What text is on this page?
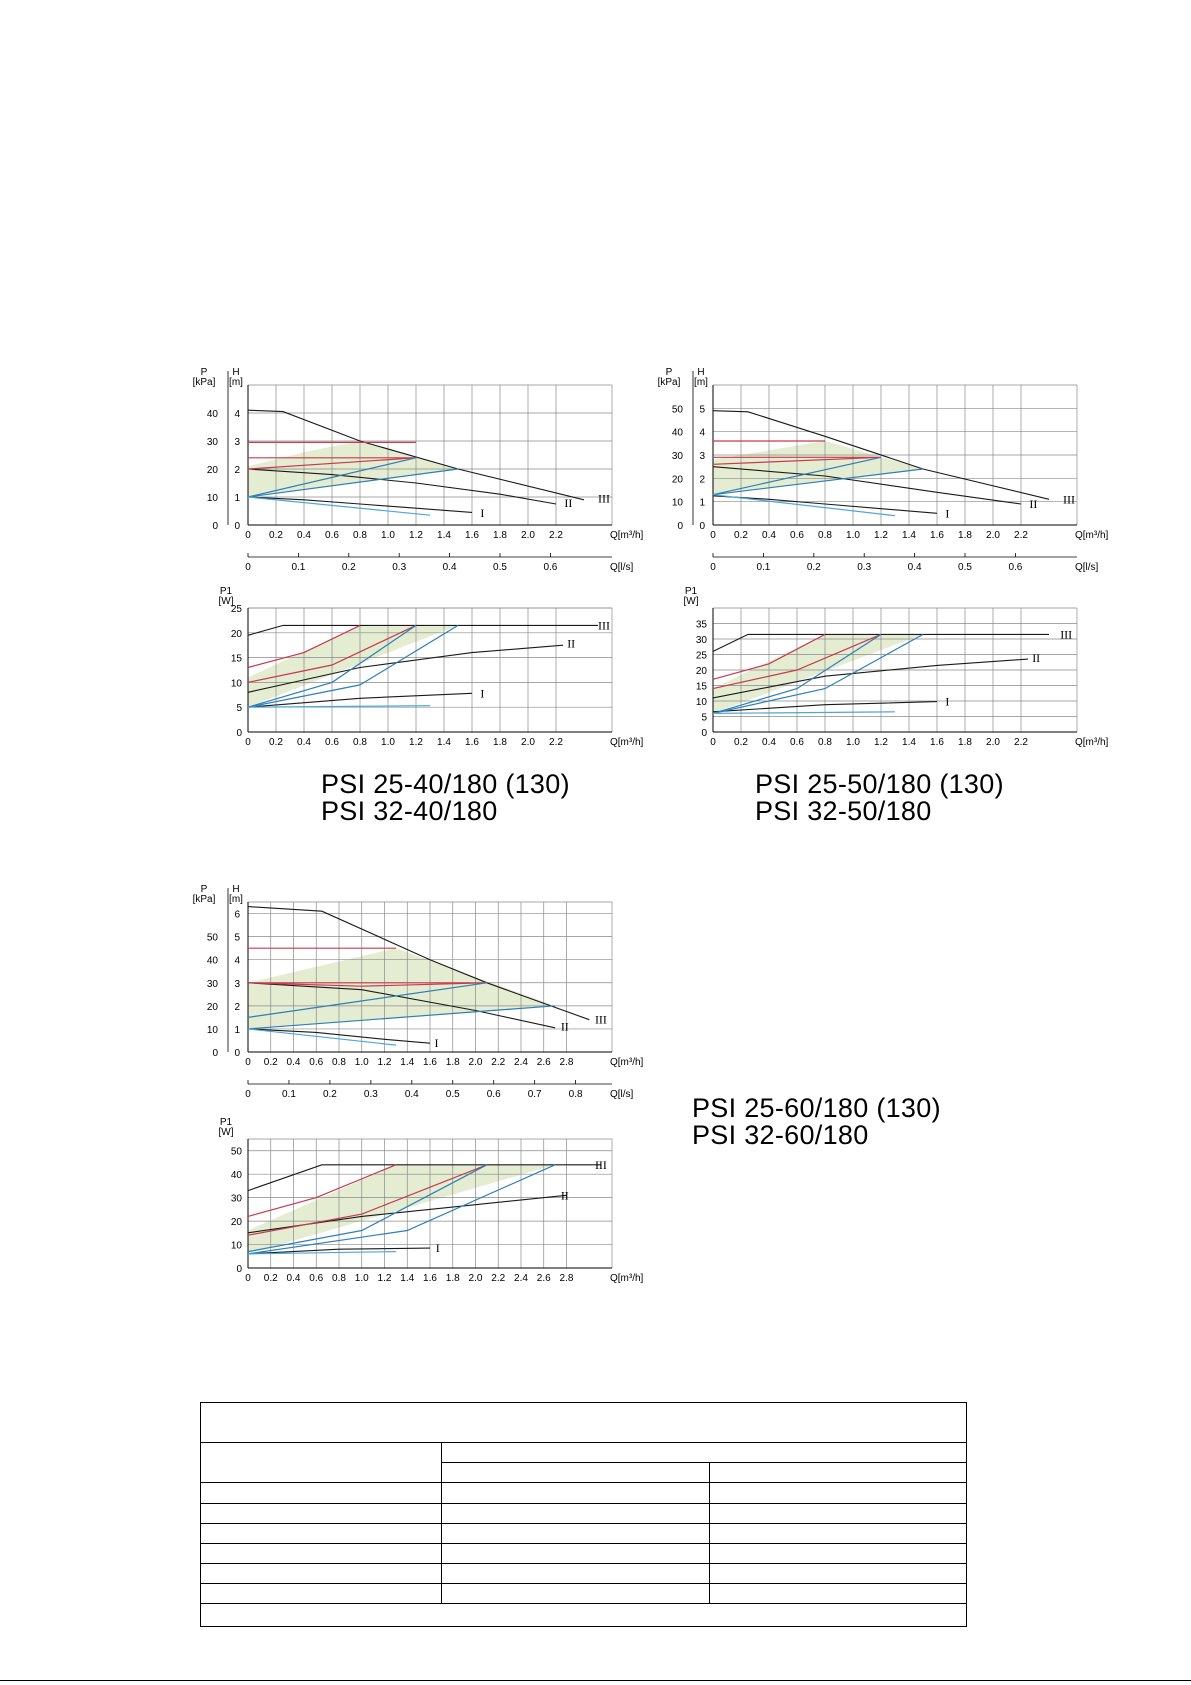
0 0.2 0.4 0.6 0.8 1.0 1.2 1.4 1.6 1.8 2.0 2.2	Q[m³/h]
0
1
2
3
4
0
10
20
30
40
P
[kPa]
H
[m]
0	0.1	0.2	0.3	0.4	0.5	0.6	Q[l/s]
III
II
I
0 0.2 0.4 0.6 0.8 1.0 1.2 1.4 1.6 1.8 2.0 2.2	Q[m³/h]
0
5
10
15
20
25
P1
[W]
III
II
I
PSI 25-40/180 (130)
PSI 32-40/180
0 0.2 0.4 0.6 0.8 1.0 1.2 1.4 1.6 1.8 2.0 2.2	Q[m³/h]
0
1
2
3
4
5
0
10
20
30
40
50
P
[kPa]
H
[m]
0	0.1	0.2	0.3	0.4	0.5	0.6	Q[l/s]
III
II
I
0 0.2 0.4 0.6 0.8 1.0 1.2 1.4 1.6 1.8 2.0 2.2	Q[m³/h]
0
5
10
15
20
25
30
35
P1
[W]
III
II
I
PSI 25-50/180 (130)
PSI 32-50/180
0 0.2 0.4 0.6 0.8 1.0 1.2 1.4 1.6 1.8 2.0 2.2 2.4 2.6 2.8	Q[m³/h]
0
1
2
3
4
5
6
0
10
20
30
40
50
P
[kPa]
H
[m]
0	0.1	0.2	0.3	0.4	0.5	0.6	0.7	0.8	Q[l/s]
III
II
I
0 0.2 0.4 0.6 0.8 1.0 1.2 1.4 1.6 1.8 2.0 2.2 2.4 2.6 2.8	Q[m³/h]
0
10
20
30
40
50
P1
[W]
III
II
I
PSI 25-60/180 (130)
PSI 32-60/180
